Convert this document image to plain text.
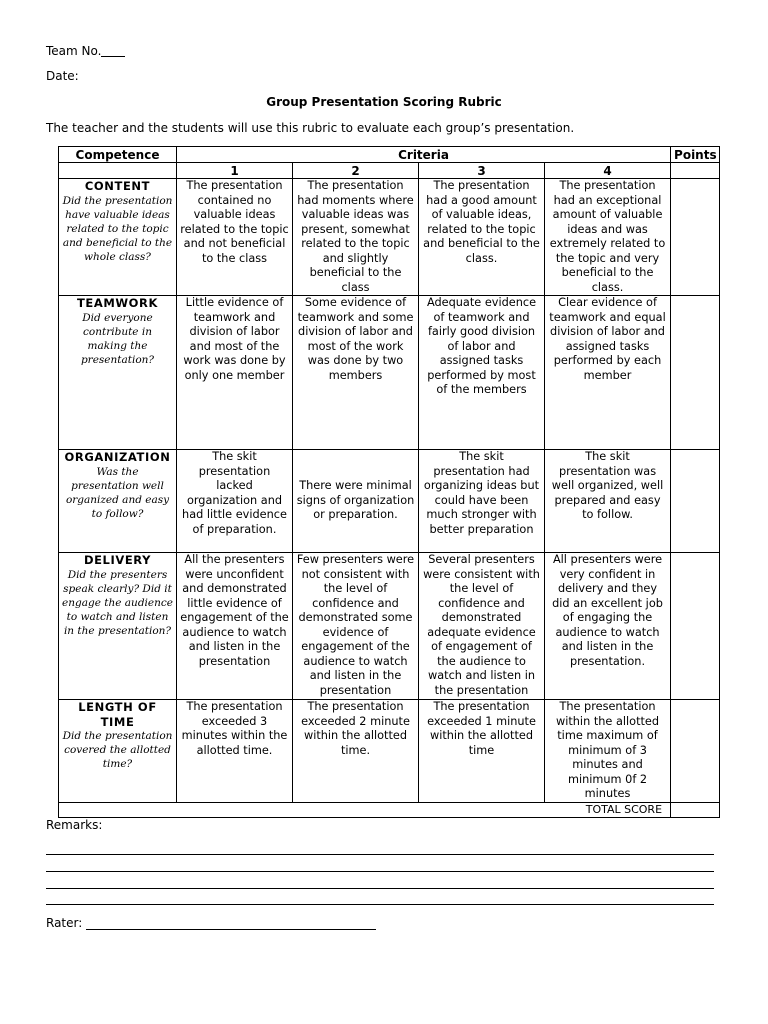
Team No.
Date:
Group Presentation Scoring Rubric
The teacher and the students will use this rubric to evaluate each group’s presentation.
Competence	Criteria				Points
	1	2	3	4	

CONTENT
Did the presentation have valuable ideas related to the topic and beneficial to the whole class?	The presentation contained no valuable ideas related to the topic and not beneficial to the class	The presentation had moments where valuable ideas was present, somewhat related to the topic and slightly beneficial to the class	The presentation had a good amount of valuable ideas, related to the topic and beneficial to the class.	The presentation had an exceptional amount of valuable ideas and was extremely related to the topic and very beneficial to the class.	

TEAMWORK
Did everyone contribute in making the presentation?	Little evidence of teamwork and division of labor and most of the work was done by only one member	Some evidence of teamwork and some division of labor and most of the work was done by two members	Adequate evidence of teamwork and fairly good division of labor and assigned tasks performed by most of the members	Clear evidence of teamwork and equal division of labor and assigned tasks performed by each member	

ORGANIZATION
Was the presentation well organized and easy to follow?	The skit presentation lacked organization and had little evidence of preparation.	There were minimal signs of organization or preparation.	The skit presentation had organizing ideas but could have been much stronger with better preparation	The skit presentation was well organized, well prepared and easy to follow.	

DELIVERY
Did the presenters speak clearly? Did it engage the audience to watch and listen in the presentation?	All the presenters were unconfident and demonstrated little evidence of engagement of the audience to watch and listen in the presentation	Few presenters were not consistent with the level of confidence and demonstrated some evidence of engagement of the audience to watch and listen in the presentation	Several presenters were consistent with the level of confidence and demonstrated adequate evidence of engagement of the audience to watch and listen in the presentation	All presenters were very confident in delivery and they did an excellent job of engaging the audience to watch and listen in the presentation.	

LENGTH OF TIME
Did the presentation covered the allotted time?	The presentation exceeded 3 minutes within the allotted time.	The presentation exceeded 2 minute within the allotted time.	The presentation exceeded 1 minute within the allotted time	The presentation within the allotted time maximum of minimum of 3 minutes and minimum 0f 2 minutes	
TOTAL SCORE					
Remarks:
Rater:
